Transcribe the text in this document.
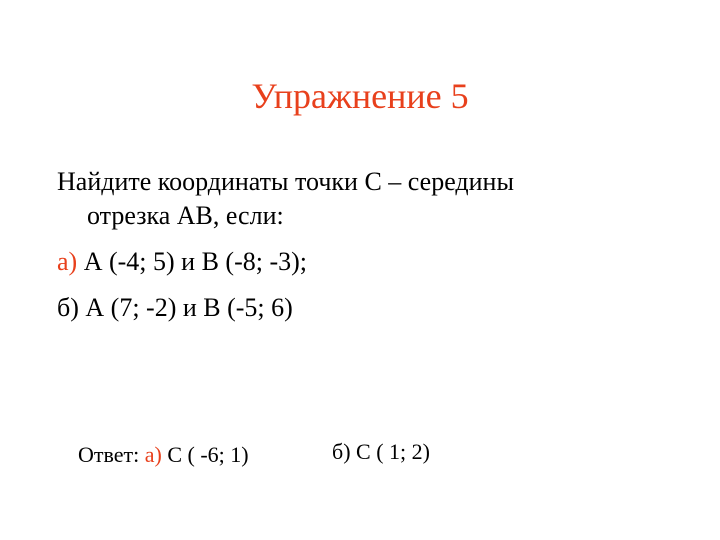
Упражнение 5
Найдите координаты точки С – середины
отрезка АВ, если:
а) А (-4; 5) и В (-8; -3);
б) А (7; -2) и В (-5; 6)
Ответ: а) С ( -6; 1)	б) С ( 1; 2)
